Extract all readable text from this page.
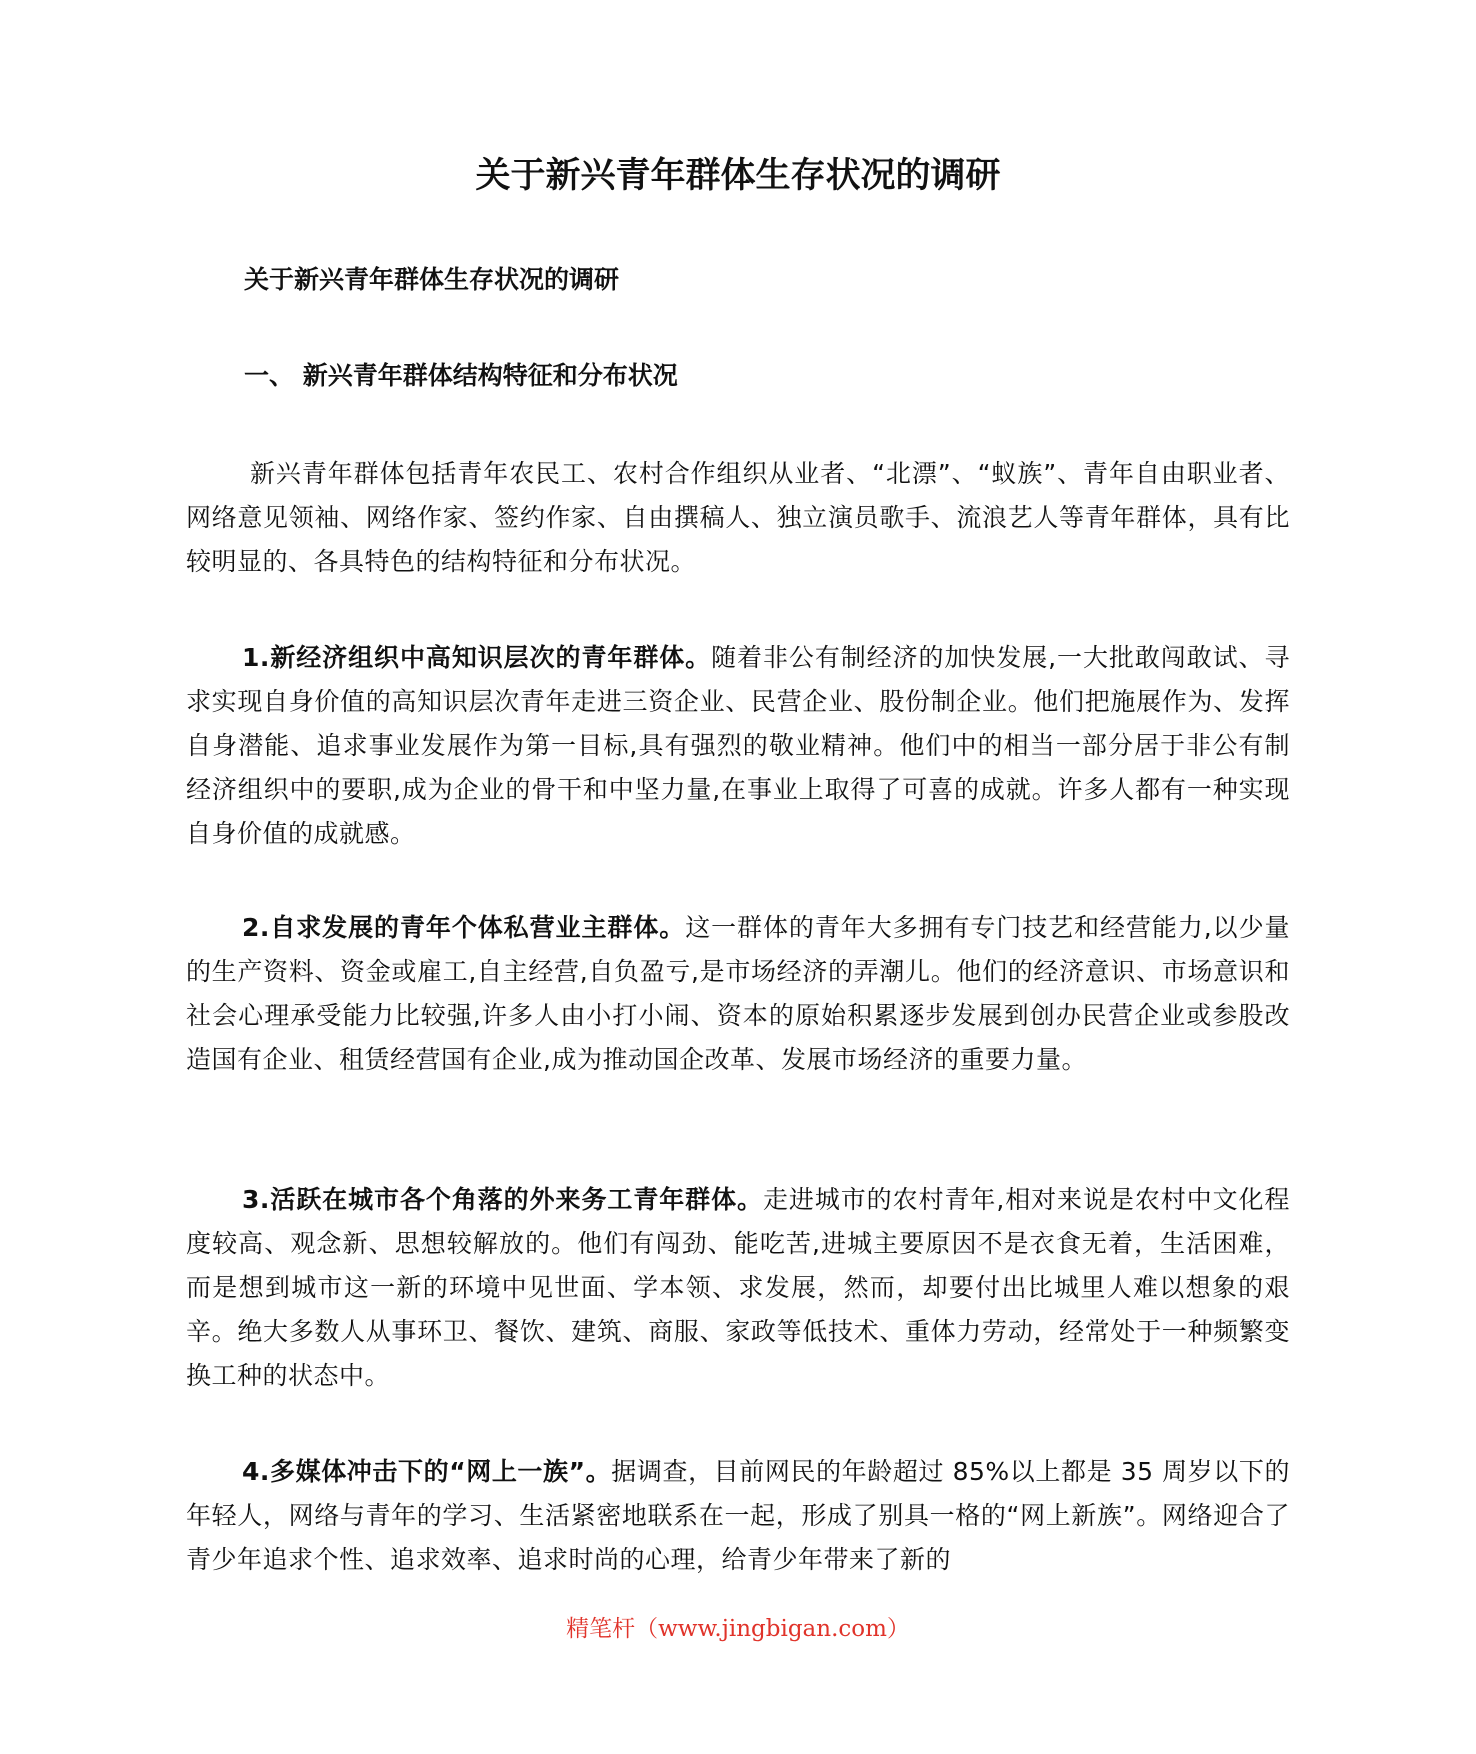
关于新兴青年群体生存状况的调研
关于新兴青年群体生存状况的调研
一、 新兴青年群体结构特征和分布状况

新兴青年群体包括青年农民工、农村合作组织从业者、“北漂”、“蚁族”、青年自由职业者、网络意见领袖、网络作家、签约作家、自由撰稿人、独立演员歌手、流浪艺人等青年群体，具有比较明显的、各具特色的结构特征和分布状况。

1.新经济组织中高知识层次的青年群体。随着非公有制经济的加快发展,一大批敢闯敢试、寻求实现自身价值的高知识层次青年走进三资企业、民营企业、股份制企业。他们把施展作为、发挥自身潜能、追求事业发展作为第一目标,具有强烈的敬业精神。他们中的相当一部分居于非公有制经济组织中的要职,成为企业的骨干和中坚力量,在事业上取得了可喜的成就。许多人都有一种实现自身价值的成就感。

2.自求发展的青年个体私营业主群体。这一群体的青年大多拥有专门技艺和经营能力,以少量的生产资料、资金或雇工,自主经营,自负盈亏,是市场经济的弄潮儿。他们的经济意识、市场意识和社会心理承受能力比较强,许多人由小打小闹、资本的原始积累逐步发展到创办民营企业或参股改造国有企业、租赁经营国有企业,成为推动国企改革、发展市场经济的重要力量。

3.活跃在城市各个角落的外来务工青年群体。走进城市的农村青年,相对来说是农村中文化程度较高、观念新、思想较解放的。他们有闯劲、能吃苦,进城主要原因不是衣食无着，生活困难，而是想到城市这一新的环境中见世面、学本领、求发展，然而，却要付出比城里人难以想象的艰辛。绝大多数人从事环卫、餐饮、建筑、商服、家政等低技术、重体力劳动，经常处于一种频繁变换工种的状态中。

4.多媒体冲击下的“网上一族”。据调查，目前网民的年龄超过 85%以上都是 35 周岁以下的年轻人，网络与青年的学习、生活紧密地联系在一起，形成了别具一格的“网上新族”。网络迎合了青少年追求个性、追求效率、追求时尚的心理，给青少年带来了新的

精笔杆（www.jingbigan.com）
